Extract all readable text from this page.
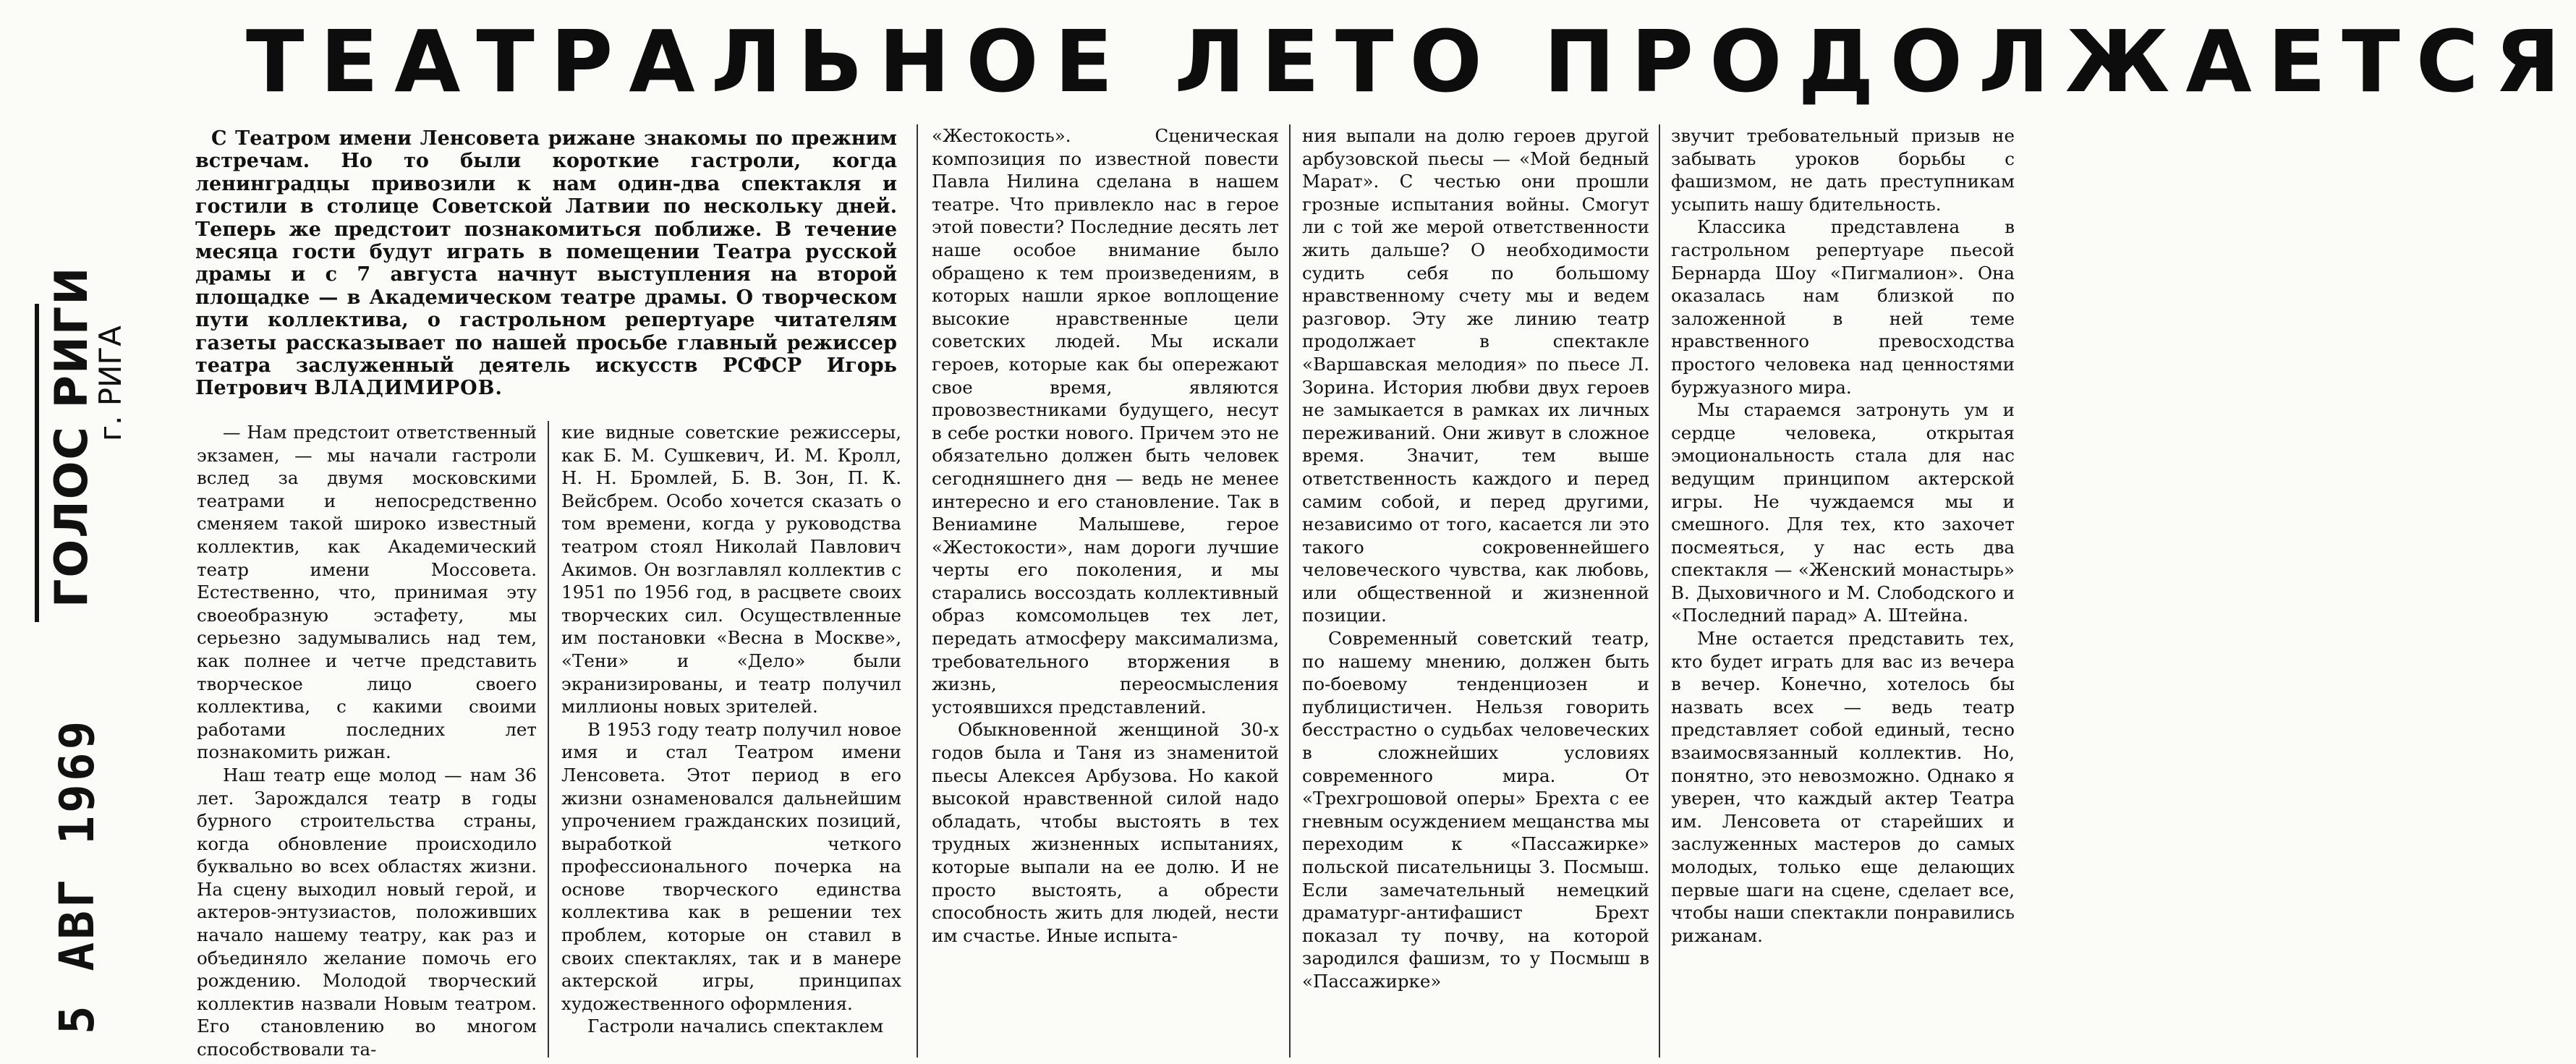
ГОЛОС РИГИ
г. РИГА
5 АВГ 1969
ТЕАТРАЛЬНОЕ ЛЕТО ПРОДОЛЖАЕТСЯ

С Театром имени Ленсовета рижане знакомы по прежним встречам. Но то были короткие гастроли, когда ленинградцы привозили к нам один-два спектакля и гостили в столице Советской Латвии по нескольку дней. Теперь же предстоит познакомиться поближе. В течение месяца гости будут играть в помещении Театра русской драмы и с 7 августа начнут выступления на второй площадке — в Академическом театре драмы. О творческом пути коллектива, о гастрольном репертуаре читателям газеты рассказывает по нашей просьбе главный режиссер театра заслуженный деятель искусств РСФСР Игорь Петрович ВЛАДИМИРОВ.

— Нам предстоит ответственный экзамен, — мы начали гастроли вслед за двумя московскими театрами и непосредственно сменяем такой широко известный коллектив, как Академический театр имени Моссовета. Естественно, что, принимая эту своеобразную эстафету, мы серьезно задумывались над тем, как полнее и четче представить творческое лицо своего коллектива, с какими своими работами последних лет познакомить рижан.

Наш театр еще молод — нам 36 лет. Зарождался театр в годы бурного строительства страны, когда обновление происходило буквально во всех областях жизни. На сцену выходил новый герой, и актеров-энтузиастов, положивших начало нашему театру, как раз и объединяло желание помочь его рождению. Молодой творческий коллектив назвали Новым театром. Его становлению во многом способствовали та-

кие видные советские режиссеры, как Б. М. Сушкевич, И. М. Кролл, Н. Н. Бромлей, Б. В. Зон, П. К. Вейсбрем. Особо хочется сказать о том времени, когда у руководства театром стоял Николай Павлович Акимов. Он возглавлял коллектив с 1951 по 1956 год, в расцвете своих творческих сил. Осуществленные им постановки «Весна в Москве», «Тени» и «Дело» были экранизированы, и театр получил миллионы новых зрителей.

В 1953 году театр получил новое имя и стал Театром имени Ленсовета. Этот период в его жизни ознаменовался дальнейшим упрочением гражданских позиций, выработкой четкого профессионального почерка на основе творческого единства коллектива как в решении тех проблем, которые он ставил в своих спектаклях, так и в манере актерской игры, принципах художественного оформления.

Гастроли начались спектаклем

«Жестокость». Сценическая композиция по известной повести Павла Нилина сделана в нашем театре. Что привлекло нас в герое этой повести? Последние десять лет наше особое внимание было обращено к тем произведениям, в которых нашли яркое воплощение высокие нравственные цели советских людей. Мы искали героев, которые как бы опережают свое время, являются провозвестниками будущего, несут в себе ростки нового. Причем это не обязательно должен быть человек сегодняшнего дня — ведь не менее интересно и его становление. Так в Вениамине Малышеве, герое «Жестокости», нам дороги лучшие черты его поколения, и мы старались воссоздать коллективный образ комсомольцев тех лет, передать атмосферу максимализма, требовательного вторжения в жизнь, переосмысления устоявшихся представлений.

Обыкновенной женщиной 30-х годов была и Таня из знаменитой пьесы Алексея Арбузова. Но какой высокой нравственной силой надо обладать, чтобы выстоять в тех трудных жизненных испытаниях, которые выпали на ее долю. И не просто выстоять, а обрести способность жить для людей, нести им счастье. Иные испыта-

ния выпали на долю героев другой арбузовской пьесы — «Мой бедный Марат». С честью они прошли грозные испытания войны. Смогут ли с той же мерой ответственности жить дальше? О необходимости судить себя по большому нравственному счету мы и ведем разговор. Эту же линию театр продолжает в спектакле «Варшавская мелодия» по пьесе Л. Зорина. История любви двух героев не замыкается в рамках их личных переживаний. Они живут в сложное время. Значит, тем выше ответственность каждого и перед самим собой, и перед другими, независимо от того, касается ли это такого сокровеннейшего человеческого чувства, как любовь, или общественной и жизненной позиции.

Современный советский театр, по нашему мнению, должен быть по-боевому тенденциозен и публицистичен. Нельзя говорить бесстрастно о судьбах человеческих в сложнейших условиях современного мира. От «Трехгрошовой оперы» Брехта с ее гневным осуждением мещанства мы переходим к «Пассажирке» польской писательницы З. Посмыш. Если замечательный немецкий драматург-антифашист Брехт показал ту почву, на которой зародился фашизм, то у Посмыш в «Пассажирке»

звучит требовательный призыв не забывать уроков борьбы с фашизмом, не дать преступникам усыпить нашу бдительность.

Классика представлена в гастрольном репертуаре пьесой Бернарда Шоу «Пигмалион». Она оказалась нам близкой по заложенной в ней теме нравственного превосходства простого человека над ценностями буржуазного мира.

Мы стараемся затронуть ум и сердце человека, открытая эмоциональность стала для нас ведущим принципом актерской игры. Не чуждаемся мы и смешного. Для тех, кто захочет посмеяться, у нас есть два спектакля — «Женский монастырь» В. Дыховичного и М. Слободского и «Последний парад» А. Штейна.

Мне остается представить тех, кто будет играть для вас из вечера в вечер. Конечно, хотелось бы назвать всех — ведь театр представляет собой единый, тесно взаимосвязанный коллектив. Но, понятно, это невозможно. Однако я уверен, что каждый актер Театра им. Ленсовета от старейших и заслуженных мастеров до самых молодых, только еще делающих первые шаги на сцене, сделает все, чтобы наши спектакли понравились рижанам.
